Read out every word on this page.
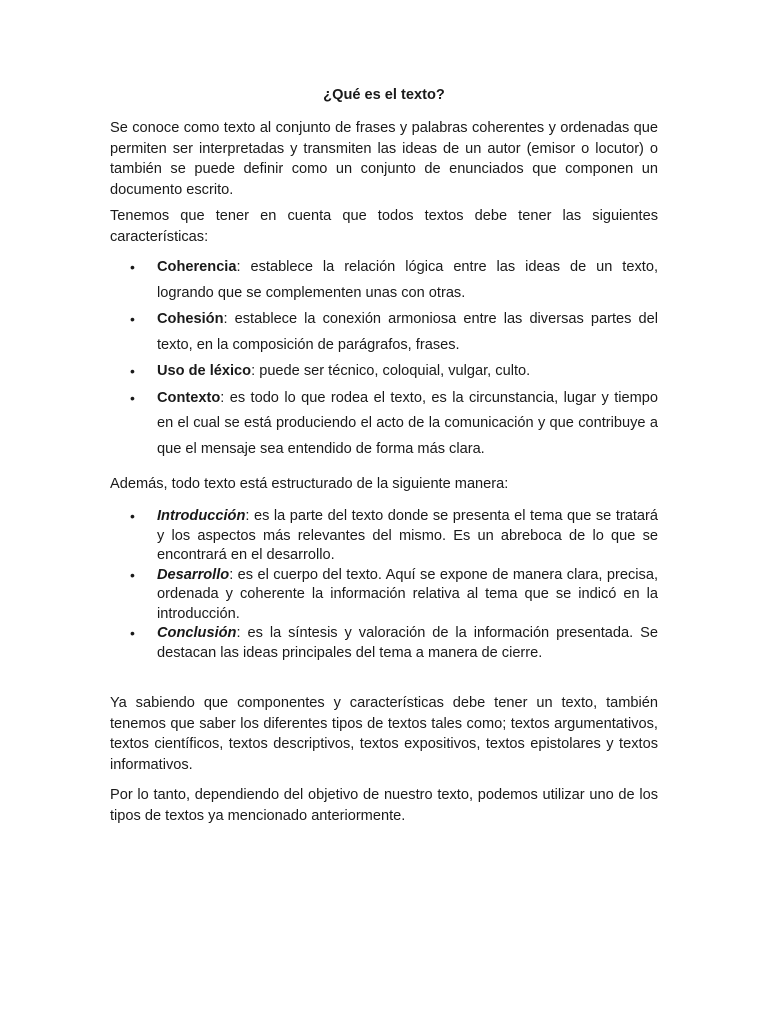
¿Qué es el texto?

Se conoce como texto al conjunto de frases y palabras coherentes y ordenadas que permiten ser interpretadas y transmiten las ideas de un autor (emisor o locutor) o también se puede definir como un conjunto de enunciados que componen un documento escrito.

Tenemos que tener en cuenta que todos textos debe tener las siguientes características:

• Coherencia: establece la relación lógica entre las ideas de un texto, logrando que se complementen unas con otras.
• Cohesión: establece la conexión armoniosa entre las diversas partes del texto, en la composición de parágrafos, frases.
• Uso de léxico: puede ser técnico, coloquial, vulgar, culto.
• Contexto: es todo lo que rodea el texto, es la circunstancia, lugar y tiempo en el cual se está produciendo el acto de la comunicación y que contribuye a que el mensaje sea entendido de forma más clara.

Además, todo texto está estructurado de la siguiente manera:

• Introducción: es la parte del texto donde se presenta el tema que se tratará y los aspectos más relevantes del mismo. Es un abreboca de lo que se encontrará en el desarrollo.
• Desarrollo: es el cuerpo del texto. Aquí se expone de manera clara, precisa, ordenada y coherente la información relativa al tema que se indicó en la introducción.
• Conclusión: es la síntesis y valoración de la información presentada. Se destacan las ideas principales del tema a manera de cierre.

Ya sabiendo que componentes y características debe tener un texto, también tenemos que saber los diferentes tipos de textos tales como; textos argumentativos, textos científicos, textos descriptivos, textos expositivos, textos epistolares y textos informativos.

Por lo tanto, dependiendo del objetivo de nuestro texto, podemos utilizar uno de los tipos de textos ya mencionado anteriormente.
